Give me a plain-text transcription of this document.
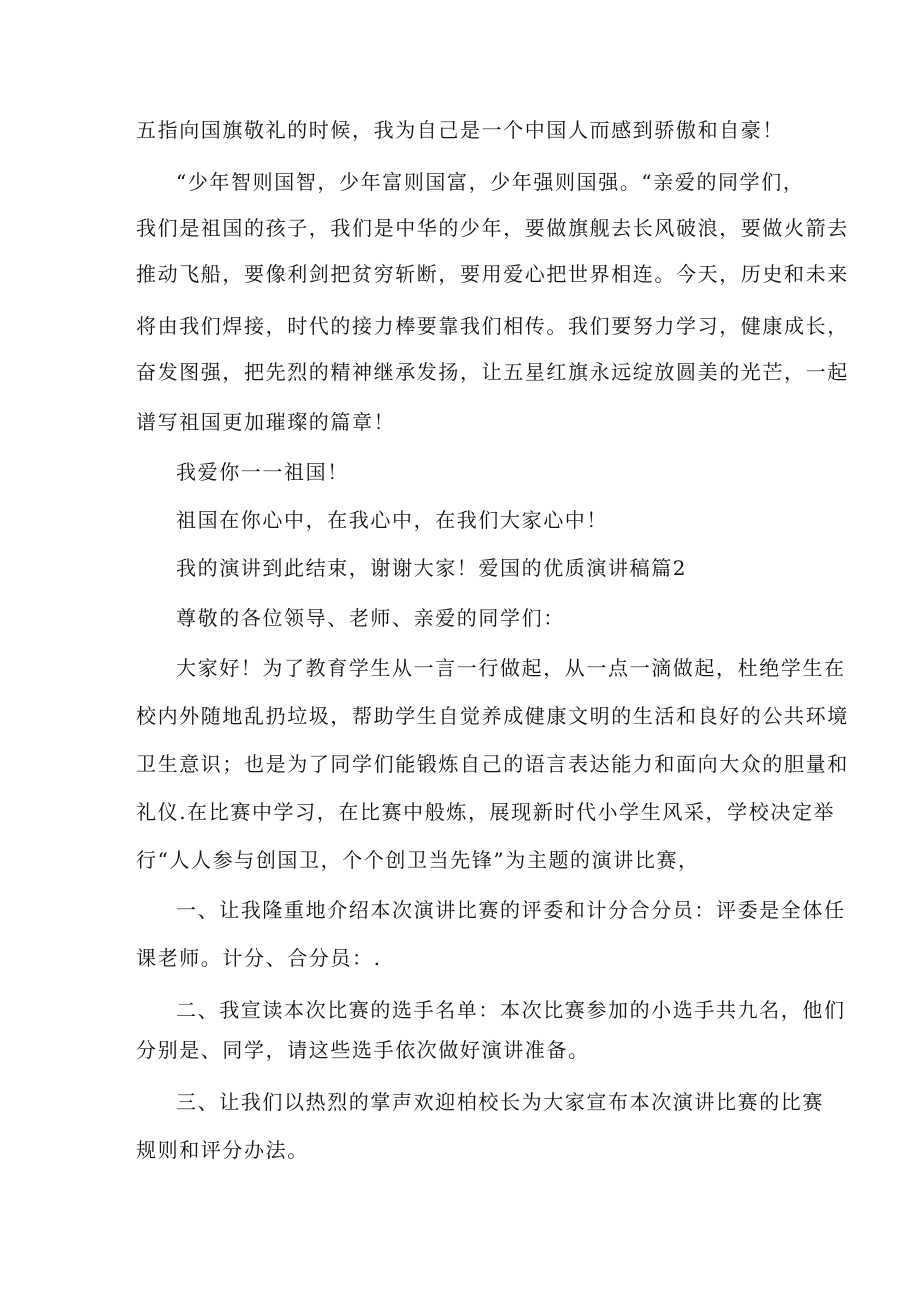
五指向国旗敬礼的时候，我为自己是一个中国人而感到骄傲和自豪！
“少年智则国智，少年富则国富，少年强则国强。“亲爱的同学们，
我们是祖国的孩子，我们是中华的少年，要做旗舰去长风破浪，要做火箭去
推动飞船，要像利剑把贫穷斩断，要用爱心把世界相连。今天，历史和未来
将由我们焊接，时代的接力棒要靠我们相传。我们要努力学习，健康成长，
奋发图强，把先烈的精神继承发扬，让五星红旗永远绽放圆美的光芒，一起
谱写祖国更加璀璨的篇章！
我爱你一一祖国！
祖国在你心中，在我心中，在我们大家心中！
我的演讲到此结束，谢谢大家！爱国的优质演讲稿篇2
尊敬的各位领导、老师、亲爱的同学们：
大家好！为了教育学生从一言一行做起，从一点一滴做起，杜绝学生在
校内外随地乱扔垃圾，帮助学生自觉养成健康文明的生活和良好的公共环境
卫生意识；也是为了同学们能锻炼自己的语言表达能力和面向大众的胆量和
礼仪.在比赛中学习，在比赛中般炼，展现新时代小学生风采，学校决定举
行“人人参与创国卫，个个创卫当先锋”为主题的演讲比赛，
一、让我隆重地介绍本次演讲比赛的评委和计分合分员：评委是全体任
课老师。计分、合分员：.
二、我宣读本次比赛的选手名单：本次比赛参加的小选手共九名，他们
分别是、同学，请这些选手依次做好演讲准备。
三、让我们以热烈的掌声欢迎柏校长为大家宣布本次演讲比赛的比赛
规则和评分办法。
